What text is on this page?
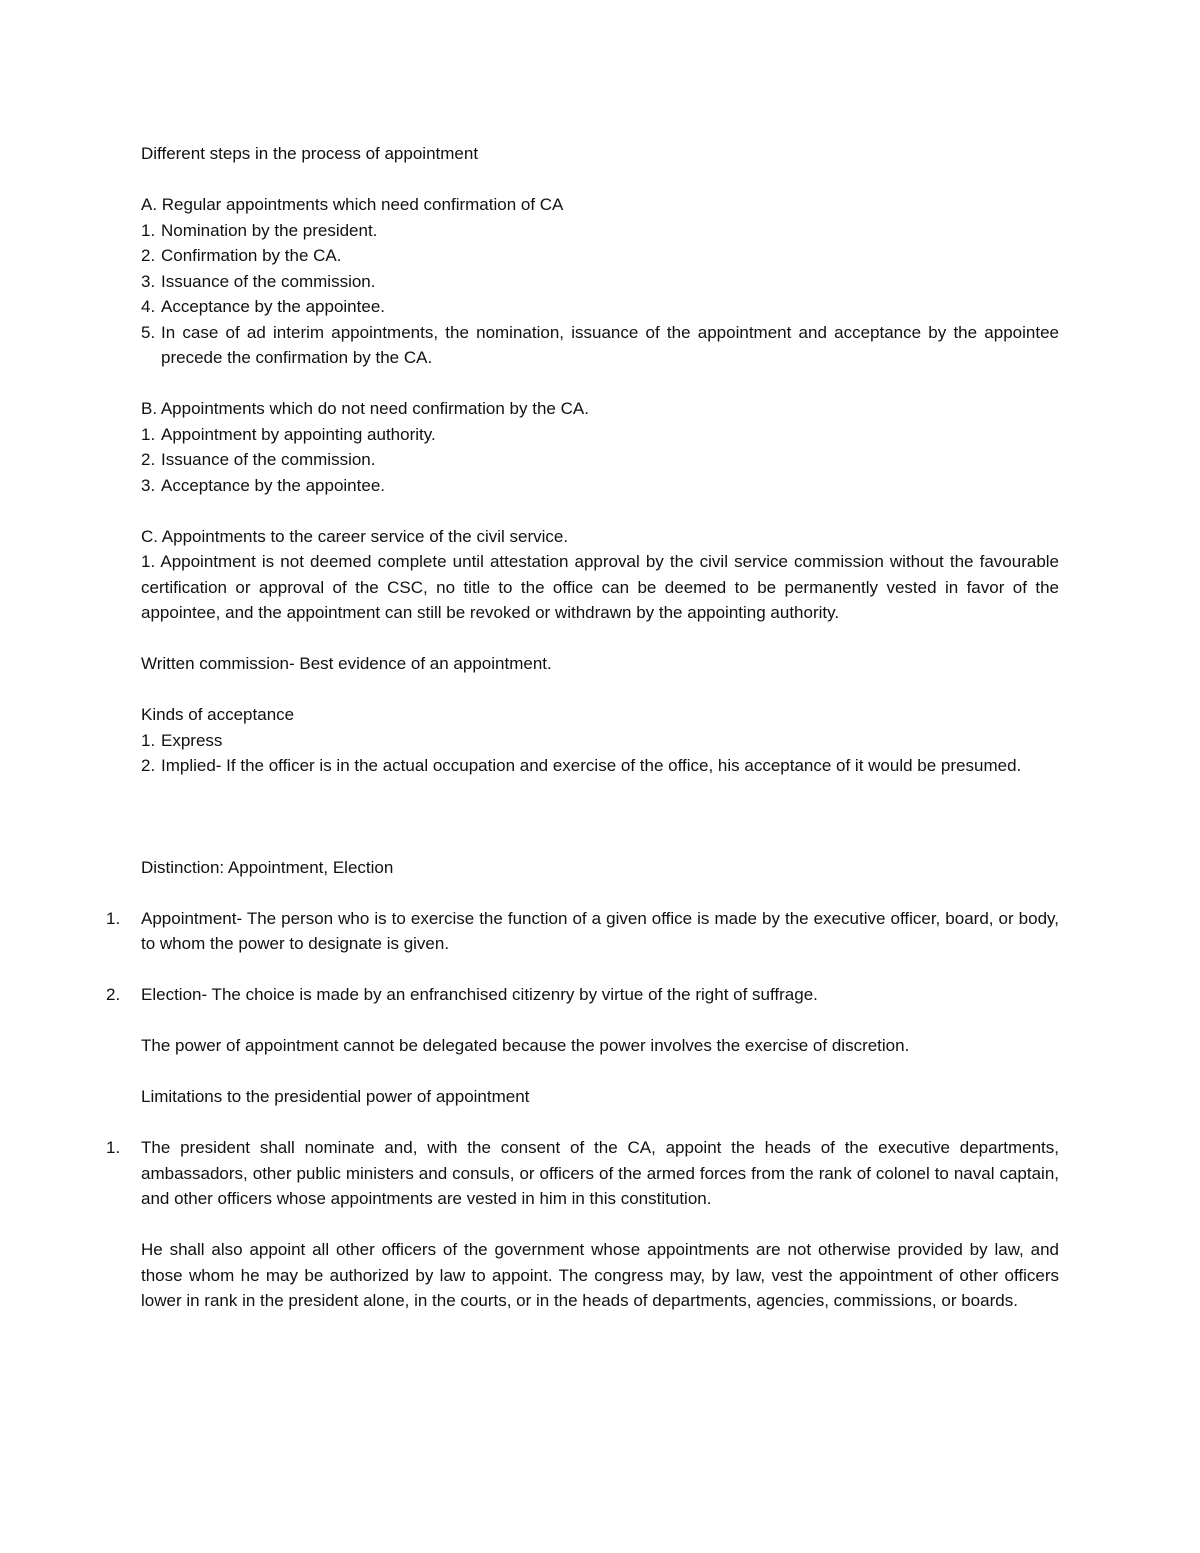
Different steps in the process of appointment
A. Regular appointments which need confirmation of CA
1. Nomination by the president.
2. Confirmation by the CA.
3. Issuance of the commission.
4. Acceptance by the appointee.
5. In case of ad interim appointments, the nomination, issuance of the appointment and acceptance by the appointee precede the confirmation by the CA.
B. Appointments which do not need confirmation by the CA.
1. Appointment by appointing authority.
2. Issuance of the commission.
3. Acceptance by the appointee.
C. Appointments to the career service of the civil service.
1. Appointment is not deemed complete until attestation approval by the civil service commission without the favourable certification or approval of the CSC, no title to the office can be deemed to be permanently vested in favor of the appointee, and the appointment can still be revoked or withdrawn by the appointing authority.
Written commission- Best evidence of an appointment.
Kinds of acceptance
1. Express
2. Implied- If the officer is in the actual occupation and exercise of the office, his acceptance of it would be presumed.
Distinction: Appointment, Election
1.	Appointment- The person who is to exercise the function of a given office is made by the executive officer, board, or body, to whom the power to designate is given.
2.	Election- The choice is made by an enfranchised citizenry by virtue of the right of suffrage.
The power of appointment cannot be delegated because the power involves the exercise of discretion.
Limitations to the presidential power of appointment
1.	The president shall nominate and, with the consent of the CA, appoint the heads of the executive departments, ambassadors, other public ministers and consuls, or officers of the armed forces from the rank of colonel to naval captain, and other officers whose appointments are vested in him in this constitution.
He shall also appoint all other officers of the government whose appointments are not otherwise provided by law, and those whom he may be authorized by law to appoint. The congress may, by law, vest the appointment of other officers lower in rank in the president alone, in the courts, or in the heads of departments, agencies, commissions, or boards.
